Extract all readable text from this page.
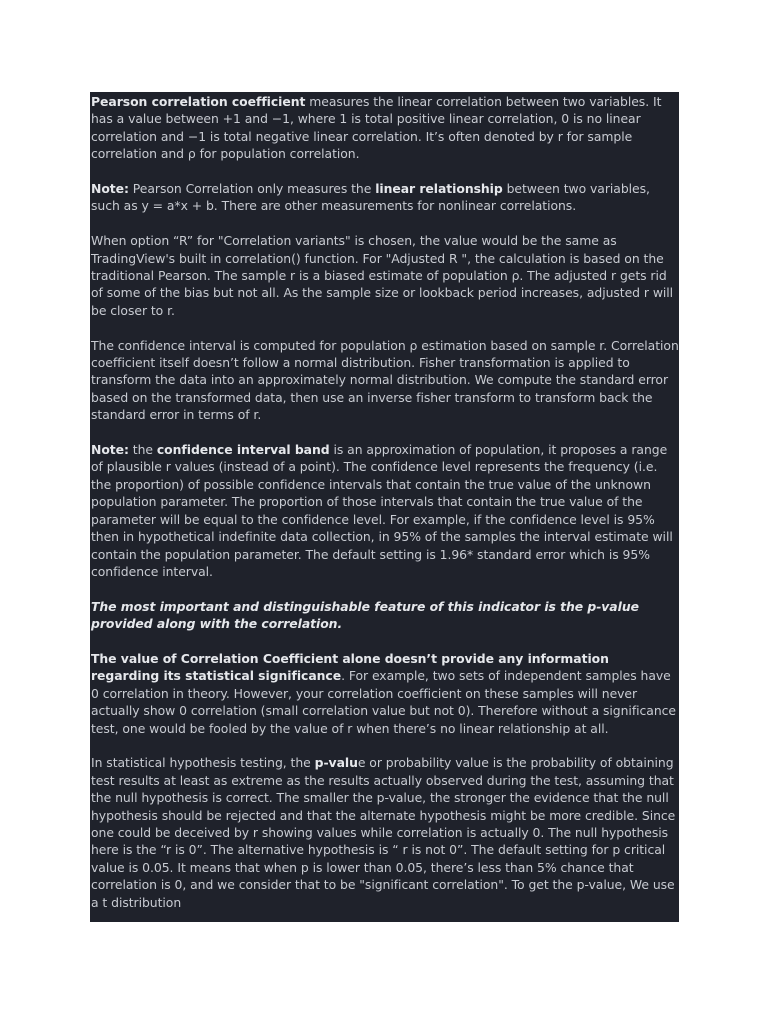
Pearson correlation coefficient measures the linear correlation between two variables. It has a value between +1 and −1, where 1 is total positive linear correlation, 0 is no linear correlation and −1 is total negative linear correlation. It’s often denoted by r for sample correlation and ρ for population correlation.

Note: Pearson Correlation only measures the linear relationship between two variables, such as y = a*x + b. There are other measurements for nonlinear correlations.

When option “R” for "Correlation variants" is chosen, the value would be the same as TradingView's built in correlation() function. For "Adjusted R ", the calculation is based on the traditional Pearson. The sample r is a biased estimate of population ρ. The adjusted r gets rid of some of the bias but not all. As the sample size or lookback period increases, adjusted r will be closer to r.

The confidence interval is computed for population ρ estimation based on sample r. Correlation coefficient itself doesn’t follow a normal distribution. Fisher transformation is applied to transform the data into an approximately normal distribution. We compute the standard error based on the transformed data, then use an inverse fisher transform to transform back the standard error in terms of r.

Note: the confidence interval band is an approximation of population, it proposes a range of plausible r values (instead of a point). The confidence level represents the frequency (i.e. the proportion) of possible confidence intervals that contain the true value of the unknown population parameter. The proportion of those intervals that contain the true value of the parameter will be equal to the confidence level. For example, if the confidence level is 95% then in hypothetical indefinite data collection, in 95% of the samples the interval estimate will contain the population parameter. The default setting is 1.96* standard error which is 95% confidence interval.

The most important and distinguishable feature of this indicator is the p-value provided along with the correlation.

The value of Correlation Coefficient alone doesn’t provide any information regarding its statistical significance. For example, two sets of independent samples have 0 correlation in theory. However, your correlation coefficient on these samples will never actually show 0 correlation (small correlation value but not 0). Therefore without a significance test, one would be fooled by the value of r when there’s no linear relationship at all.

In statistical hypothesis testing, the p-value or probability value is the probability of obtaining test results at least as extreme as the results actually observed during the test, assuming that the null hypothesis is correct. The smaller the p-value, the stronger the evidence that the null hypothesis should be rejected and that the alternate hypothesis might be more credible. Since one could be deceived by r showing values while correlation is actually 0. The null hypothesis here is the “r is 0”. The alternative hypothesis is “ r is not 0”. The default setting for p critical value is 0.05. It means that when p is lower than 0.05, there’s less than 5% chance that correlation is 0, and we consider that to be "significant correlation". To get the p-value, We use a t distribution
